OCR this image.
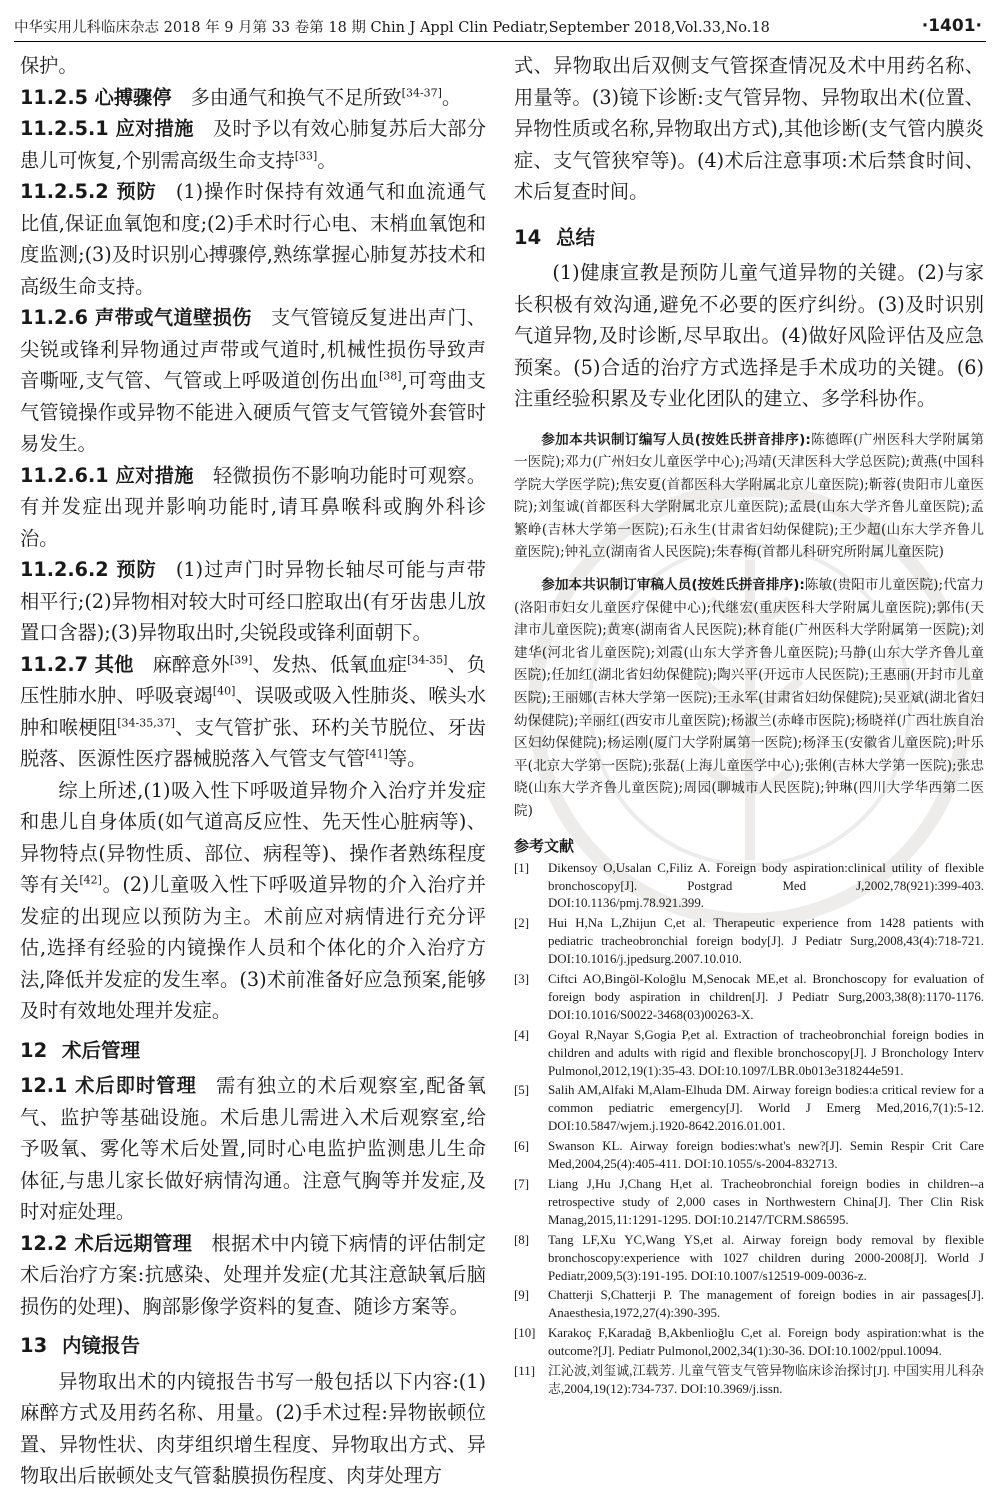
中华实用儿科临床杂志 2018 年 9 月第 33 卷第 18 期 Chin J Appl Clin Pediatr,September 2018,Vol.33,No.18	·1401·

保护。

11.2.5 心搏骤停 多由通气和换气不足所致[34-37]。

11.2.5.1 应对措施 及时予以有效心肺复苏后大部分患儿可恢复,个别需高级生命支持[33]。

11.2.5.2 预防 (1)操作时保持有效通气和血流通气比值,保证血氧饱和度;(2)手术时行心电、末梢血氧饱和度监测;(3)及时识别心搏骤停,熟练掌握心肺复苏技术和高级生命支持。

11.2.6 声带或气道壁损伤 支气管镜反复进出声门、尖锐或锋利异物通过声带或气道时,机械性损伤导致声音嘶哑,支气管、气管或上呼吸道创伤出血[38],可弯曲支气管镜操作或异物不能进入硬质气管支气管镜外套管时易发生。

11.2.6.1 应对措施 轻微损伤不影响功能时可观察。有并发症出现并影响功能时,请耳鼻喉科或胸外科诊治。

11.2.6.2 预防 (1)过声门时异物长轴尽可能与声带相平行;(2)异物相对较大时可经口腔取出(有牙齿患儿放置口含器);(3)异物取出时,尖锐段或锋利面朝下。

11.2.7 其他 麻醉意外[39]、发热、低氧血症[34-35]、负压性肺水肿、呼吸衰竭[40]、误吸或吸入性肺炎、喉头水肿和喉梗阻[34-35,37]、支气管扩张、环杓关节脱位、牙齿脱落、医源性医疗器械脱落入气管支气管[41]等。

综上所述,(1)吸入性下呼吸道异物介入治疗并发症和患儿自身体质(如气道高反应性、先天性心脏病等)、异物特点(异物性质、部位、病程等)、操作者熟练程度等有关[42]。(2)儿童吸入性下呼吸道异物的介入治疗并发症的出现应以预防为主。术前应对病情进行充分评估,选择有经验的内镜操作人员和个体化的介入治疗方法,降低并发症的发生率。(3)术前准备好应急预案,能够及时有效地处理并发症。

12 术后管理

12.1 术后即时管理 需有独立的术后观察室,配备氧气、监护等基础设施。术后患儿需进入术后观察室,给予吸氧、雾化等术后处置,同时心电监护监测患儿生命体征,与患儿家长做好病情沟通。注意气胸等并发症,及时对症处理。

12.2 术后远期管理 根据术中内镜下病情的评估制定术后治疗方案:抗感染、处理并发症(尤其注意缺氧后脑损伤的处理)、胸部影像学资料的复查、随诊方案等。

13 内镜报告

异物取出术的内镜报告书写一般包括以下内容:(1)麻醉方式及用药名称、用量。(2)手术过程:异物嵌顿位置、异物性状、肉芽组织增生程度、异物取出方式、异物取出后嵌顿处支气管黏膜损伤程度、肉芽处理方

式、异物取出后双侧支气管探查情况及术中用药名称、用量等。(3)镜下诊断:支气管异物、异物取出术(位置、异物性质或名称,异物取出方式),其他诊断(支气管内膜炎症、支气管狭窄等)。(4)术后注意事项:术后禁食时间、术后复查时间。

14 总结

(1)健康宣教是预防儿童气道异物的关键。(2)与家长积极有效沟通,避免不必要的医疗纠纷。(3)及时识别气道异物,及时诊断,尽早取出。(4)做好风险评估及应急预案。(5)合适的治疗方式选择是手术成功的关键。(6)注重经验积累及专业化团队的建立、多学科协作。

参加本共识制订编写人员(按姓氏拼音排序):陈德晖(广州医科大学附属第一医院);邓力(广州妇女儿童医学中心);冯靖(天津医科大学总医院);黄燕(中国科学院大学医学院);焦安夏(首都医科大学附属北京儿童医院);靳蓉(贵阳市儿童医院);刘玺诚(首都医科大学附属北京儿童医院);孟晨(山东大学齐鲁儿童医院);孟繁峥(吉林大学第一医院);石永生(甘肃省妇幼保健院);王少超(山东大学齐鲁儿童医院);钟礼立(湖南省人民医院);朱春梅(首都儿科研究所附属儿童医院)

参加本共识制订审稿人员(按姓氏拼音排序):陈敏(贵阳市儿童医院);代富力(洛阳市妇女儿童医疗保健中心);代继宏(重庆医科大学附属儿童医院);郭伟(天津市儿童医院);黄寒(湖南省人民医院);林育能(广州医科大学附属第一医院);刘建华(河北省儿童医院);刘霞(山东大学齐鲁儿童医院);马静(山东大学齐鲁儿童医院);任加红(湖北省妇幼保健院);陶兴平(开远市人民医院);王惠丽(开封市儿童医院);王丽娜(吉林大学第一医院);王永军(甘肃省妇幼保健院);吴亚斌(湖北省妇幼保健院);辛丽红(西安市儿童医院);杨淑兰(赤峰市医院);杨晓祥(广西壮族自治区妇幼保健院);杨运刚(厦门大学附属第一医院);杨泽玉(安徽省儿童医院);叶乐平(北京大学第一医院);张磊(上海儿童医学中心);张俐(吉林大学第一医院);张忠晓(山东大学齐鲁儿童医院);周园(聊城市人民医院);钟琳(四川大学华西第二医院)

参考文献
[1]	Dikensoy O,Usalan C,Filiz A. Foreign body aspiration:clinical utility of flexible bronchoscopy[J]. Postgrad Med J,2002,78(921):399-403. DOI:10.1136/pmj.78.921.399.
[2]	Hui H,Na L,Zhijun C,et al. Therapeutic experience from 1428 patients with pediatric tracheobronchial foreign body[J]. J Pediatr Surg,2008,43(4):718-721. DOI:10.1016/j.jpedsurg.2007.10.010.
[3]	Ciftci AO,Bingöl-Koloğlu M,Senocak ME,et al. Bronchoscopy for evaluation of foreign body aspiration in children[J]. J Pediatr Surg,2003,38(8):1170-1176. DOI:10.1016/S0022-3468(03)00263-X.
[4]	Goyal R,Nayar S,Gogia P,et al. Extraction of tracheobronchial foreign bodies in children and adults with rigid and flexible bronchoscopy[J]. J Bronchology Interv Pulmonol,2012,19(1):35-43. DOI:10.1097/LBR.0b013e318244e591.
[5]	Salih AM,Alfaki M,Alam-Elhuda DM. Airway foreign bodies:a critical review for a common pediatric emergency[J]. World J Emerg Med,2016,7(1):5-12. DOI:10.5847/wjem.j.1920-8642.2016.01.001.
[6]	Swanson KL. Airway foreign bodies:what's new?[J]. Semin Respir Crit Care Med,2004,25(4):405-411. DOI:10.1055/s-2004-832713.
[7]	Liang J,Hu J,Chang H,et al. Tracheobronchial foreign bodies in children--a retrospective study of 2,000 cases in Northwestern China[J]. Ther Clin Risk Manag,2015,11:1291-1295. DOI:10.2147/TCRM.S86595.
[8]	Tang LF,Xu YC,Wang YS,et al. Airway foreign body removal by flexible bronchoscopy:experience with 1027 children during 2000-2008[J]. World J Pediatr,2009,5(3):191-195. DOI:10.1007/s12519-009-0036-z.
[9]	Chatterji S,Chatterji P. The management of foreign bodies in air passages[J]. Anaesthesia,1972,27(4):390-395.
[10] Karakoç F,Karadağ B,Akbenlioğlu C,et al. Foreign body aspiration:what is the outcome?[J]. Pediatr Pulmonol,2002,34(1):30-36. DOI:10.1002/ppul.10094.
[11]	江沁波,刘玺诚,江载芳. 儿童气管支气管异物临床诊治探讨[J]. 中国实用儿科杂志,2004,19(12):734-737. DOI:10.3969/j.issn.
